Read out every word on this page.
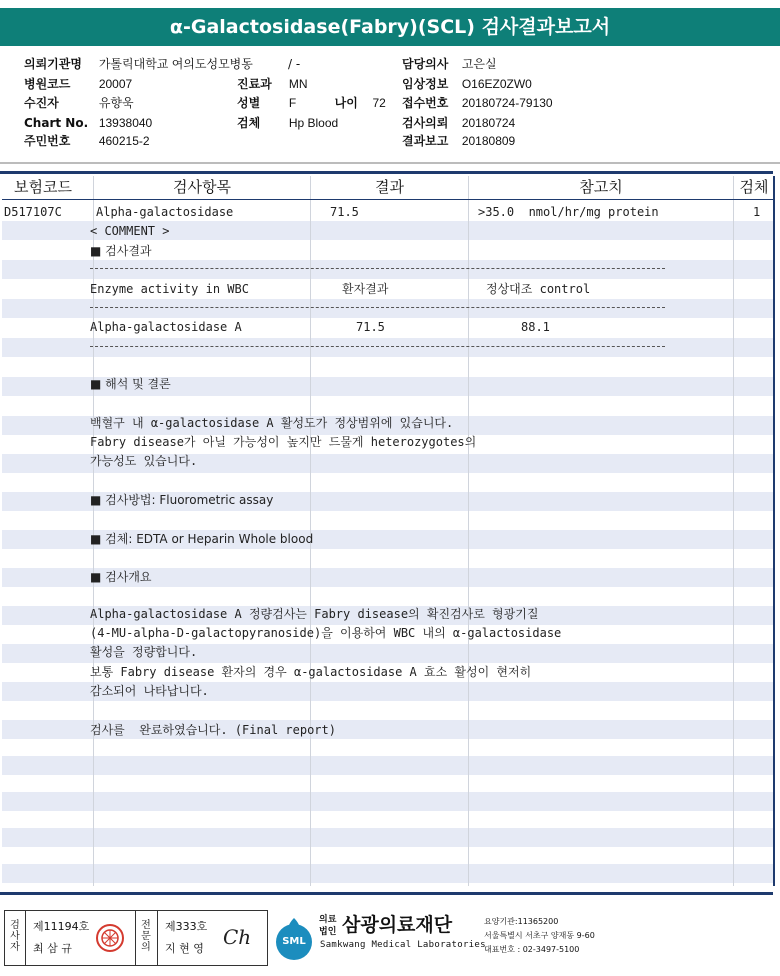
α-Galactosidase(Fabry)(SCL) 검사결과보고서
의뢰기관명 가톨릭대학교 여의도성모병동
병원코드 20007
수진자	유향욱
Chart No. 13938040
주민번호 460215-2
/ -
진료과 MN
성별 F	나이 72
검체 Hp Blood
담당의사 고은실
임상정보 O16EZ0ZW0
접수번호 20180724-79130
검사의뢰 20180724
결과보고 20180809
보험코드	검사항목	결과	참고치	검체
D517107C	Alpha-galactosidase	71.5	>35.0  nmol/hr/mg protein	1
< COMMENT >
■ 검사결과
Enzyme activity in WBC	환자결과	정상대조 control
Alpha-galactosidase A	71.5	88.1
■ 해석 및 결론
백혈구 내 α-galactosidase A 활성도가 정상범위에 있습니다.
Fabry disease가 아닐 가능성이 높지만 드물게 heterozygotes의
가능성도 있습니다.
■ 검사방법: Fluorometric assay
■ 검체: EDTA or Heparin Whole blood
■ 검사개요
Alpha-galactosidase A 정량검사는 Fabry disease의 확진검사로 형광기질
(4-MU-alpha-D-galactopyranoside)을 이용하여 WBC 내의 α-galactosidase
활성을 정량합니다.
보통 Fabry disease 환자의 경우 α-galactosidase A 효소 활성이 현저히
감소되어 나타납니다.
검사를  완료하였습니다. (Final report)
검
사
자
제11194호
최 삼 규
전
문
의
제333호
지 현 영 Ch	SML
의료
법인 삼광의료재단
Samkwang Medical Laboratories
요양기관:11365200
서울특별시 서초구 양재동 9-60
대표번호 : 02-3497-5100
